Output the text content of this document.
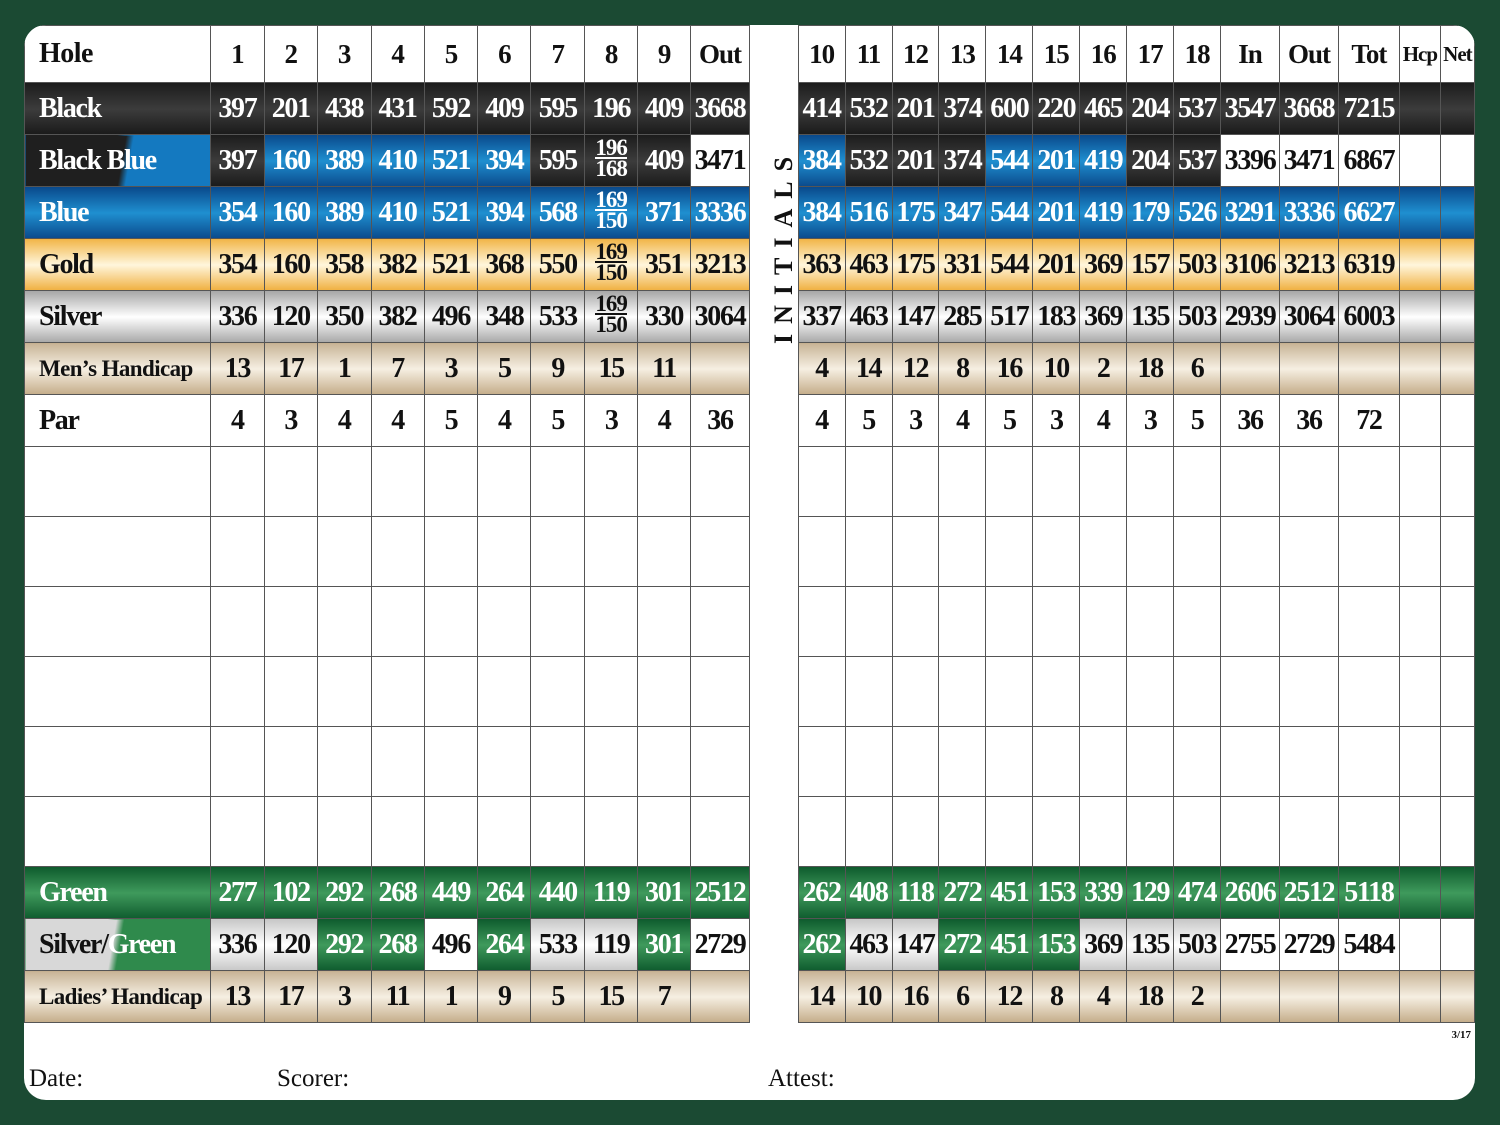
Hole	1	2	3	4	5	6	7	8	9	Out		10	11	12	13	14	15	16	17	18	In	Out	Tot	Hcp	Net
Black	397	201	438	431	592	409	595	196	409	3668		414	532	201	374	600	220	465	204	537	3547	3668	7215		
Black Blue	397	160	389	410	521	394	595	$\frac{196}{168}$	409	3471		384	532	201	374	544	201	419	204	537	3396	3471	6867		
Blue	354	160	389	410	521	394	568	$\frac{169}{150}$	371	3336		384	516	175	347	544	201	419	179	526	3291	3336	6627		
Gold	354	160	358	382	521	368	550	$\frac{169}{150}$	351	3213		363	463	175	331	544	201	369	157	503	3106	3213	6319		
Silver	336	120	350	382	496	348	533	$\frac{169}{150}$	330	3064		337	463	147	285	517	183	369	135	503	2939	3064	6003		
Men’s Handicap	13	17	1	7	3	5	9	15	11			4	14	12	8	16	10	2	18	6					
Par	4	3	4	4	5	4	5	3	4	36		4	5	3	4	5	3	4	3	5	36	36	72		

Green	277	102	292	268	449	264	440	119	301	2512		262	408	118	272	451	153	339	129	474	2606	2512	5118		
Silver/Green	336	120	292	268	496	264	533	119	301	2729		262	463	147	272	451	153	369	135	503	2755	2729	5484		
Ladies’ Handicap	13	17	3	11	1	9	5	15	7			14	10	16	6	12	8	4	18	2					
INITIALS
3/17
Date:	Scorer:	Attest:
